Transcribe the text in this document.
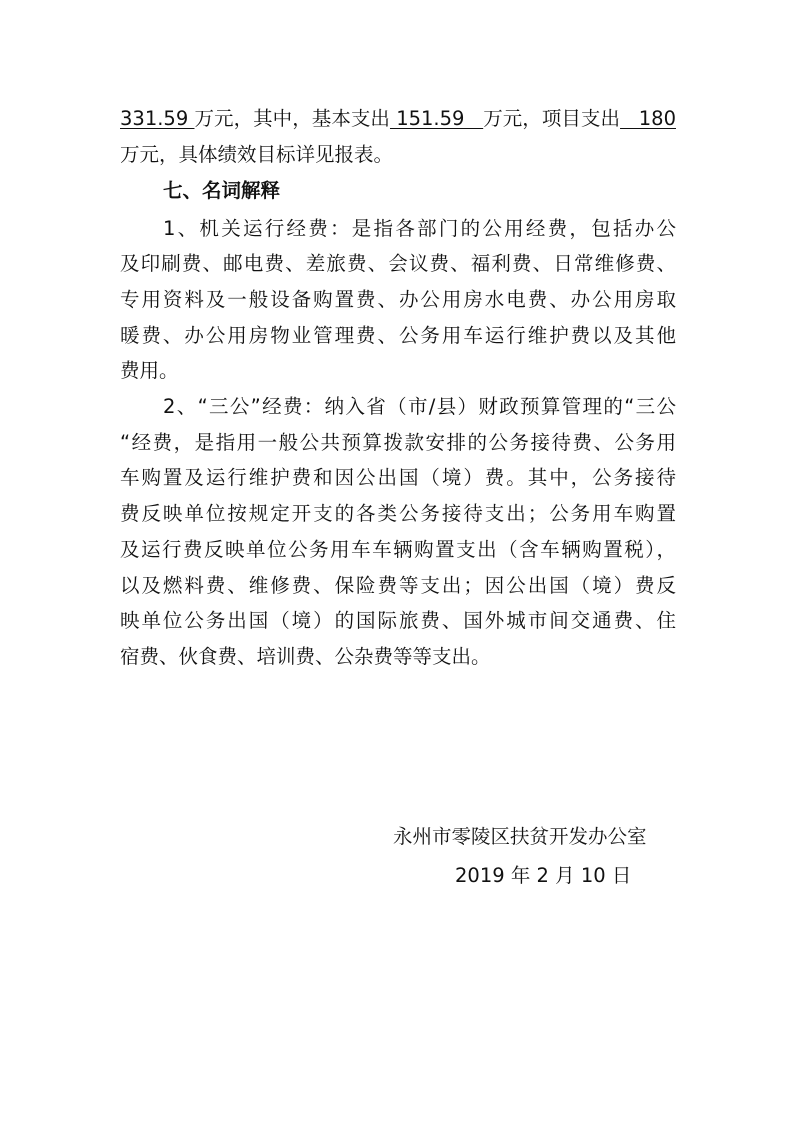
331.59 万元，其中，基本支出 151.59   万元，项目支出   180
万元，具体绩效目标详见报表。
七、名词解释
1、机关运行经费：是指各部门的公用经费，包括办公
及印刷费、邮电费、差旅费、会议费、福利费、日常维修费、
专用资料及一般设备购置费、办公用房水电费、办公用房取
暖费、办公用房物业管理费、公务用车运行维护费以及其他
费用。
2、“三公”经费：纳入省（市/县）财政预算管理的“三公
“经费，是指用一般公共预算拨款安排的公务接待费、公务用
车购置及运行维护费和因公出国（境）费。其中，公务接待
费反映单位按规定开支的各类公务接待支出；公务用车购置
及运行费反映单位公务用车车辆购置支出（含车辆购置税），
以及燃料费、维修费、保险费等支出；因公出国（境）费反
映单位公务出国（境）的国际旅费、国外城市间交通费、住
宿费、伙食费、培训费、公杂费等等支出。
永州市零陵区扶贫开发办公室
2019 年 2 月 10 日
